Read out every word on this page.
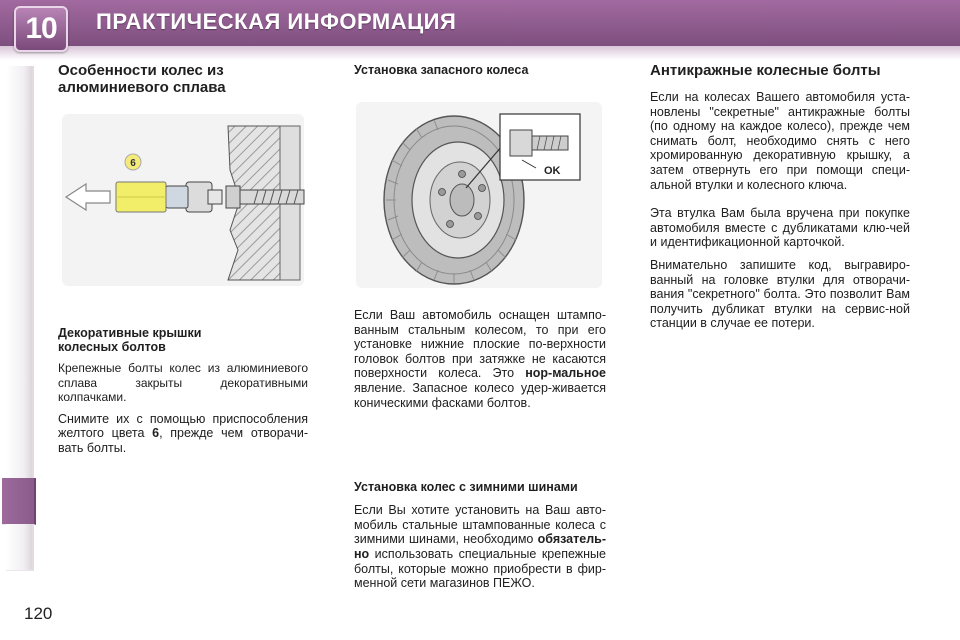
10	ПРАКТИЧЕСКАЯ ИНФОРМАЦИЯ
120
Особенности колес из
алюминиевого сплава
6
Декоративные крышки
колесных болтов

Крепежные болты колес из алюминиевого сплава закрыты декоративными колпачками.

Снимите их с помощью приспособления желтого цвета 6, прежде чем отворачи-вать болты.

Установка запасного колеса
OK

Если Ваш автомобиль оснащен штампо-ванным стальным колесом, то при его установке нижние плоские по-верхности головок болтов при затяжке не касаются поверхности колеса. Это нор-мальное явление. Запасное колесо удер-живается коническими фасками болтов.

Установка колес с зимними шинами

Если Вы хотите установить на Ваш авто-мобиль стальные штампованные колеса с зимними шинами, необходимо обязатель-но использовать специальные крепежные болты, которые можно приобрести в фир-менной сети магазинов ПЕЖО.

Антикражные колесные болты

Если на колесах Вашего автомобиля уста-новлены "секретные" антикражные болты (по одному на каждое колесо), прежде чем снимать болт, необходимо снять с него хромированную декоративную крышку, а затем отвернуть его при помощи специ-альной втулки и колесного ключа.

Эта втулка Вам была вручена при покупке автомобиля вместе с дубликатами клю-чей и идентификационной карточкой.

Внимательно запишите код, выгравиро-ванный на головке втулки для отворачи-вания "секретного" болта. Это позволит Вам получить дубликат втулки на сервис-ной станции в случае ее потери.
